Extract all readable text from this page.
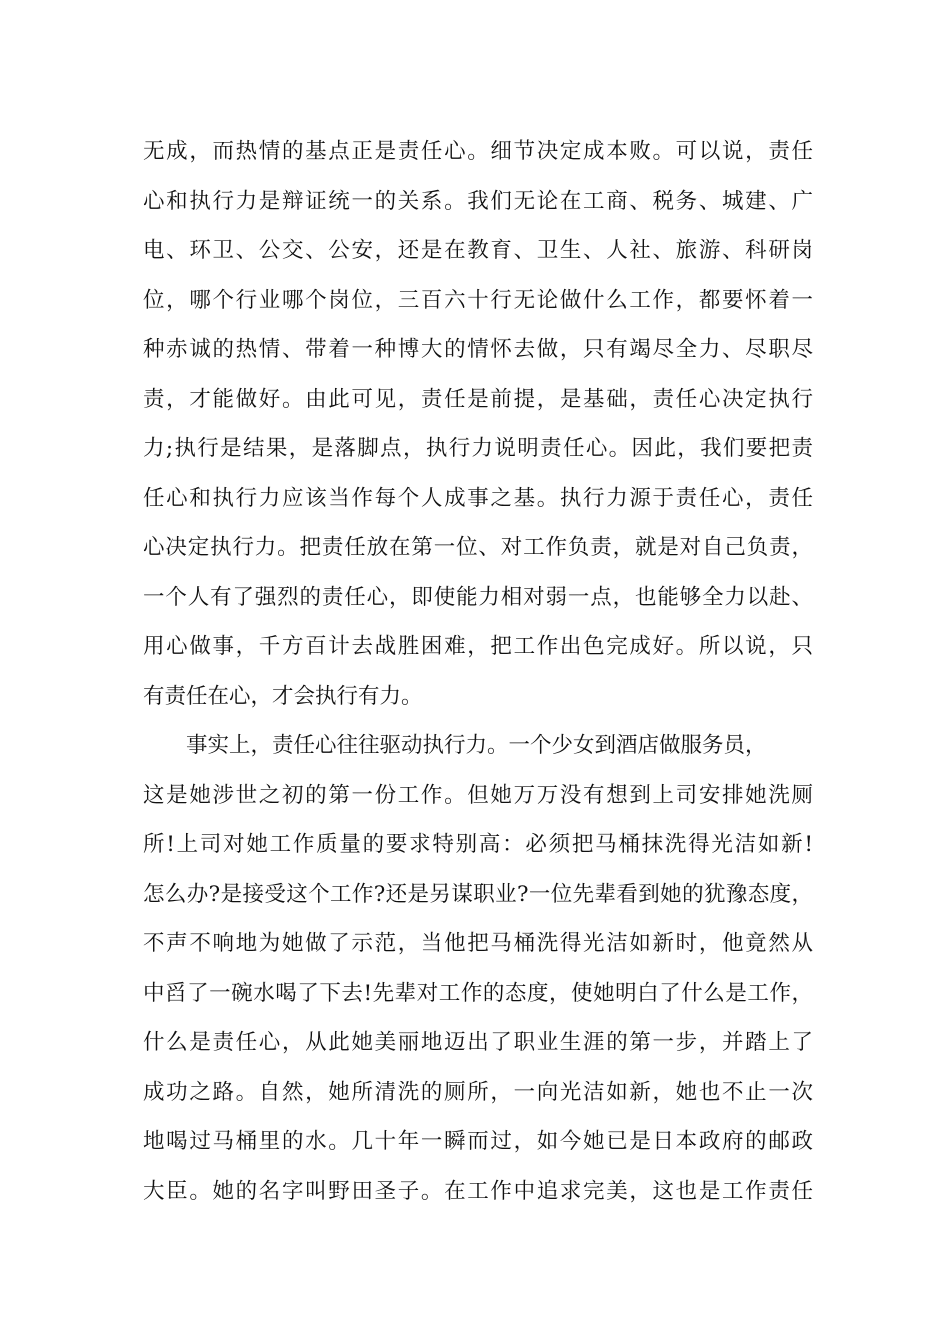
无成，而热情的基点正是责任心。细节决定成本败。可以说，责任
心和执行力是辩证统一的关系。我们无论在工商、税务、城建、广
电、环卫、公交、公安，还是在教育、卫生、人社、旅游、科研岗
位，哪个行业哪个岗位，三百六十行无论做什么工作，都要怀着一
种赤诚的热情、带着一种博大的情怀去做，只有竭尽全力、尽职尽
责，才能做好。由此可见，责任是前提，是基础，责任心决定执行
力;执行是结果，是落脚点，执行力说明责任心。因此，我们要把责
任心和执行力应该当作每个人成事之基。执行力源于责任心，责任
心决定执行力。把责任放在第一位、对工作负责，就是对自己负责，
一个人有了强烈的责任心，即使能力相对弱一点，也能够全力以赴、
用心做事，千方百计去战胜困难，把工作出色完成好。所以说，只
有责任在心，才会执行有力。
事实上，责任心往往驱动执行力。一个少女到酒店做服务员，
这是她涉世之初的第一份工作。但她万万没有想到上司安排她洗厕
所!上司对她工作质量的要求特别高：必须把马桶抹洗得光洁如新!
怎么办?是接受这个工作?还是另谋职业?一位先辈看到她的犹豫态度，
不声不响地为她做了示范，当他把马桶洗得光洁如新时，他竟然从
中舀了一碗水喝了下去!先辈对工作的态度，使她明白了什么是工作，
什么是责任心，从此她美丽地迈出了职业生涯的第一步，并踏上了
成功之路。自然，她所清洗的厕所，一向光洁如新，她也不止一次
地喝过马桶里的水。几十年一瞬而过，如今她已是日本政府的邮政
大臣。她的名字叫野田圣子。在工作中追求完美，这也是工作责任
